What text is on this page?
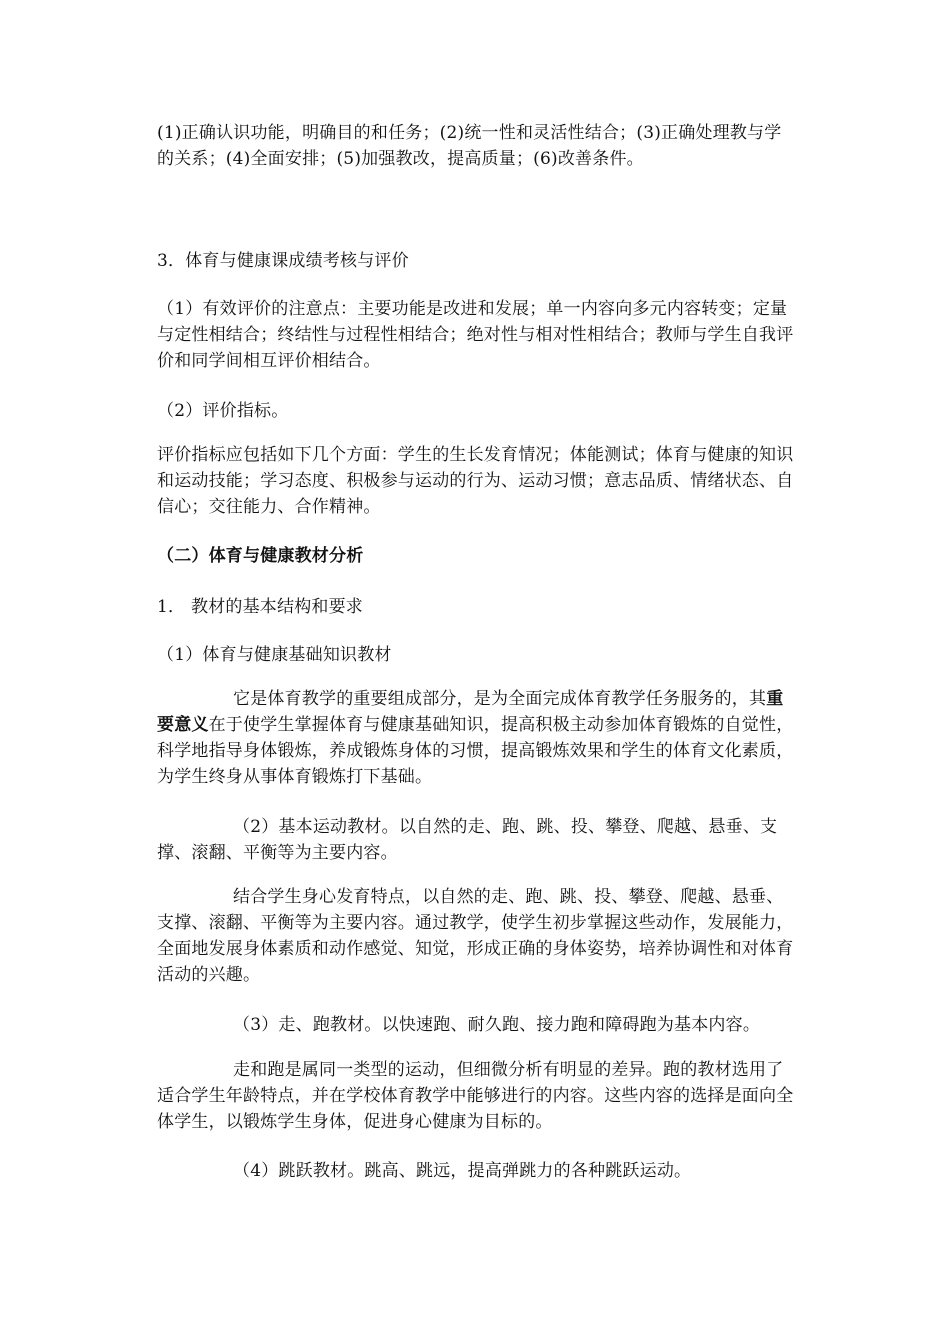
(1)正确认识功能，明确目的和任务；(2)统一性和灵活性结合；(3)正确处理教与学的关系；(4)全面安排；(5)加强教改，提高质量；(6)改善条件。

3．体育与健康课成绩考核与评价

（1）有效评价的注意点：主要功能是改进和发展；单一内容向多元内容转变；定量与定性相结合；终结性与过程性相结合；绝对性与相对性相结合；教师与学生自我评价和同学间相互评价相结合。

（2）评价指标。

评价指标应包括如下几个方面：学生的生长发育情况；体能测试；体育与健康的知识和运动技能；学习态度、积极参与运动的行为、运动习惯；意志品质、情绪状态、自信心；交往能力、合作精神。

（二）体育与健康教材分析

1． 教材的基本结构和要求

（1）体育与健康基础知识教材

它是体育教学的重要组成部分，是为全面完成体育教学任务服务的，其重要意义在于使学生掌握体育与健康基础知识，提高积极主动参加体育锻炼的自觉性，科学地指导身体锻炼，养成锻炼身体的习惯，提高锻炼效果和学生的体育文化素质，为学生终身从事体育锻炼打下基础。

（2）基本运动教材。以自然的走、跑、跳、投、攀登、爬越、悬垂、支撑、滚翻、平衡等为主要内容。

结合学生身心发育特点，以自然的走、跑、跳、投、攀登、爬越、悬垂、支撑、滚翻、平衡等为主要内容。通过教学，使学生初步掌握这些动作，发展能力，全面地发展身体素质和动作感觉、知觉，形成正确的身体姿势，培养协调性和对体育活动的兴趣。

（3）走、跑教材。以快速跑、耐久跑、接力跑和障碍跑为基本内容。

走和跑是属同一类型的运动，但细微分析有明显的差异。跑的教材选用了适合学生年龄特点，并在学校体育教学中能够进行的内容。这些内容的选择是面向全体学生，以锻炼学生身体，促进身心健康为目标的。

（4）跳跃教材。跳高、跳远，提高弹跳力的各种跳跃运动。
